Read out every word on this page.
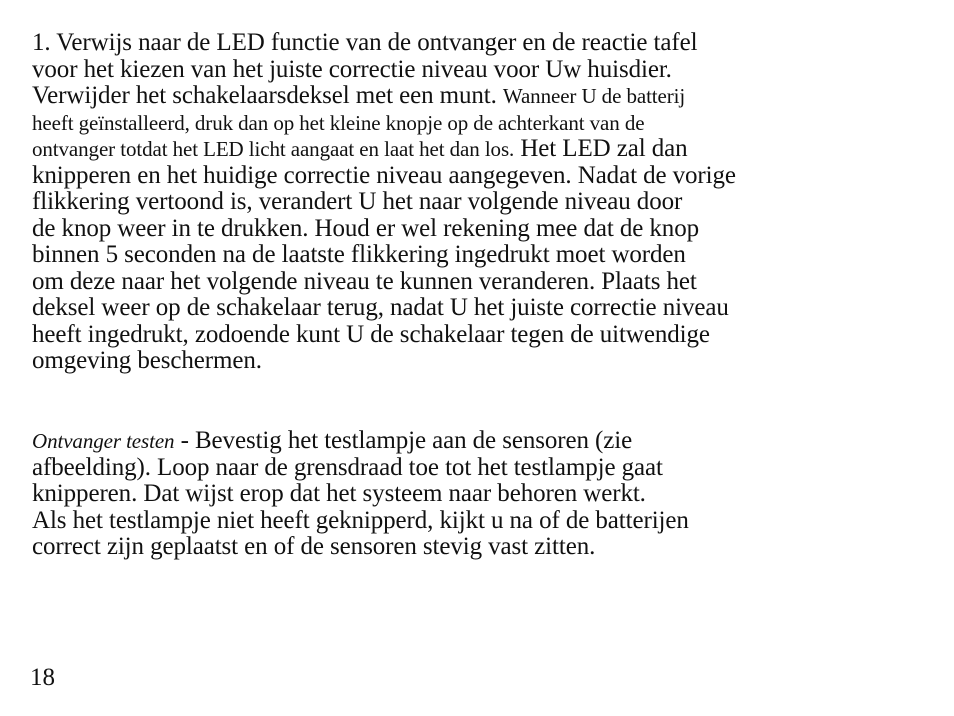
1. Verwijs naar de LED functie van de ontvanger en de reactie tafel
voor het kiezen van het juiste correctie niveau voor Uw huisdier.
Verwijder het schakelaarsdeksel met een munt. Wanneer U de batterij
heeft geïnstalleerd, druk dan op het kleine knopje op de achterkant van de
ontvanger totdat het LED licht aangaat en laat het dan los. Het LED zal dan
knipperen en het huidige correctie niveau aangegeven. Nadat de vorige
flikkering vertoond is, verandert U het naar volgende niveau door
de knop weer in te drukken. Houd er wel rekening mee dat de knop
binnen 5 seconden na de laatste flikkering ingedrukt moet worden
om deze naar het volgende niveau te kunnen veranderen. Plaats het
deksel weer op de schakelaar terug, nadat U het juiste correctie niveau
heeft ingedrukt, zodoende kunt U de schakelaar tegen de uitwendige
omgeving beschermen.
Ontvanger testen - Bevestig het testlampje aan de sensoren (zie
afbeelding). Loop naar de grensdraad toe tot het testlampje gaat
knipperen. Dat wijst erop dat het systeem naar behoren werkt.
Als het testlampje niet heeft geknipperd, kijkt u na of de batterijen
correct zijn geplaatst en of de sensoren stevig vast zitten.

18
